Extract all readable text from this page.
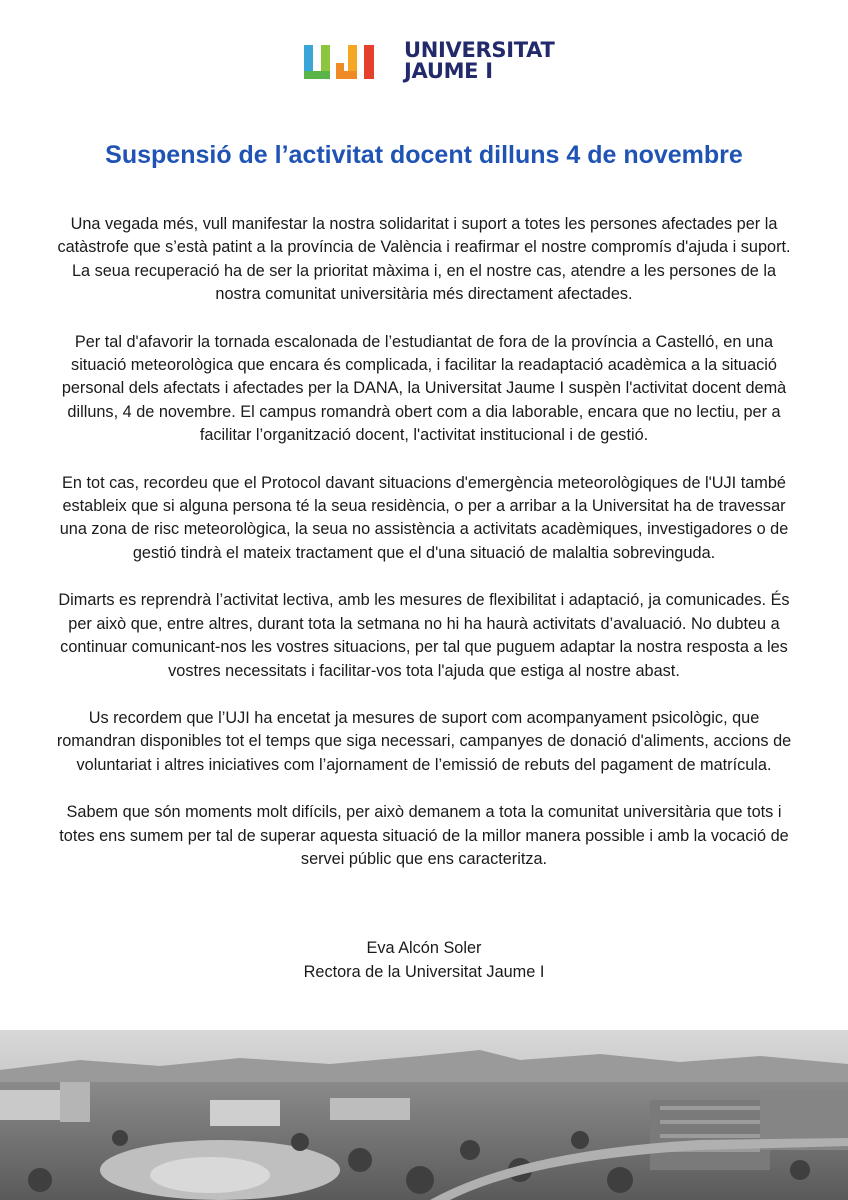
UNIVERSITAT
JAUME I
Suspensió de l’activitat docent dilluns 4 de novembre

Una vegada més, vull manifestar la nostra solidaritat i suport a totes les persones afectades per la catàstrofe que s’està patint a la província de València i reafirmar el nostre compromís d'ajuda i suport. La seua recuperació ha de ser la prioritat màxima i, en el nostre cas, atendre a les persones de la nostra comunitat universitària més directament afectades.

Per tal d'afavorir la tornada escalonada de l’estudiantat de fora de la província a Castelló, en una situació meteorològica que encara és complicada, i facilitar la readaptació acadèmica a la situació personal dels afectats i afectades per la DANA, la Universitat Jaume I suspèn l'activitat docent demà dilluns, 4 de novembre. El campus romandrà obert com a dia laborable, encara que no lectiu, per a facilitar l’organització docent, l'activitat institucional i de gestió.

En tot cas, recordeu que el Protocol davant situacions d'emergència meteorològiques de l'UJI també estableix que si alguna persona té la seua residència, o per a arribar a la Universitat ha de travessar una zona de risc meteorològica, la seua no assistència a activitats acadèmiques, investigadores o de gestió tindrà el mateix tractament que el d'una situació de malaltia sobrevinguda.

Dimarts es reprendrà l’activitat lectiva, amb les mesures de flexibilitat i adaptació, ja comunicades. És per això que, entre altres, durant tota la setmana no hi ha haurà activitats d’avaluació. No dubteu a continuar comunicant-nos les vostres situacions, per tal que puguem adaptar la nostra resposta a les vostres necessitats i facilitar-vos tota l'ajuda que estiga al nostre abast.

Us recordem que l’UJI ha encetat ja mesures de suport com acompanyament psicològic, que romandran disponibles tot el temps que siga necessari, campanyes de donació d'aliments, accions de voluntariat i altres iniciatives com l’ajornament de l’emissió de rebuts del pagament de matrícula.

Sabem que són moments molt difícils, per això demanem a tota la comunitat universitària que tots i totes ens sumem per tal de superar aquesta situació de la millor manera possible i amb la vocació de servei públic que ens caracteritza.

Eva Alcón Soler
Rectora de la Universitat Jaume I
